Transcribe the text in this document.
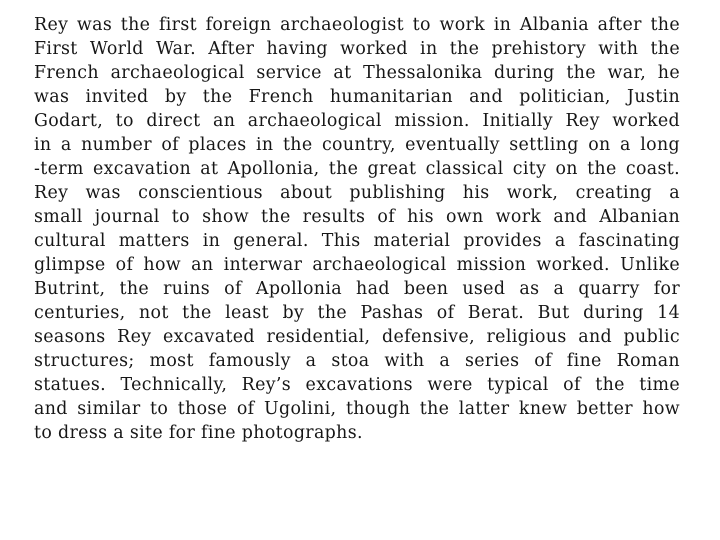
Rey was the first foreign archaeologist to work in Albania after the
First World War. After having worked in the prehistory with the
French archaeological service at Thessalonika during the war, he
was invited by the French humanitarian and politician, Justin
Godart, to direct an archaeological mission. Initially Rey worked
in a number of places in the country, eventually settling on a long
-term excavation at Apollonia, the great classical city on the coast.
Rey was conscientious about publishing his work, creating a
small journal to show the results of his own work and Albanian
cultural matters in general. This material provides a fascinating
glimpse of how an interwar archaeological mission worked. Unlike
Butrint, the ruins of Apollonia had been used as a quarry for
centuries, not the least by the Pashas of Berat. But during 14
seasons Rey excavated residential, defensive, religious and public
structures; most famously a stoa with a series of fine Roman
statues. Technically, Rey’s excavations were typical of the time
and similar to those of Ugolini, though the latter knew better how
to dress a site for fine photographs.
